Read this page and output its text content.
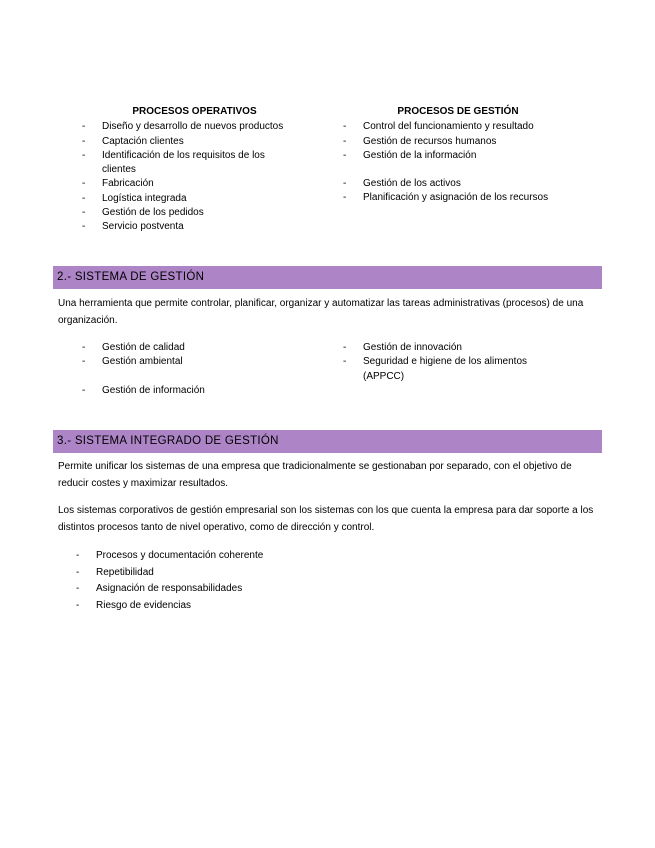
PROCESOS OPERATIVOS
- Diseño y desarrollo de nuevos productos
- Captación clientes
- Identificación de los requisitos de los clientes
- Fabricación
- Logística integrada
- Gestión de los pedidos
- Servicio postventa
PROCESOS DE GESTIÓN
- Control del funcionamiento y resultado
- Gestión de recursos humanos
- Gestión de la información
- Gestión de los activos
- Planificación y asignación de los recursos
2.- SISTEMA DE GESTIÓN

Una herramienta que permite controlar, planificar, organizar y automatizar las tareas administrativas (procesos) de una organización.

- Gestión de calidad
- Gestión ambiental
- Gestión de información
- Gestión de innovación
- Seguridad e higiene de los alimentos (APPCC)
3.- SISTEMA INTEGRADO DE GESTIÓN

Permite unificar los sistemas de una empresa que tradicionalmente se gestionaban por separado, con el objetivo de reducir costes y maximizar resultados.

Los sistemas corporativos de gestión empresarial son los sistemas con los que cuenta la empresa para dar soporte a los distintos procesos tanto de nivel operativo, como de dirección y control.

- Procesos y documentación coherente
- Repetibilidad
- Asignación de responsabilidades
- Riesgo de evidencias
